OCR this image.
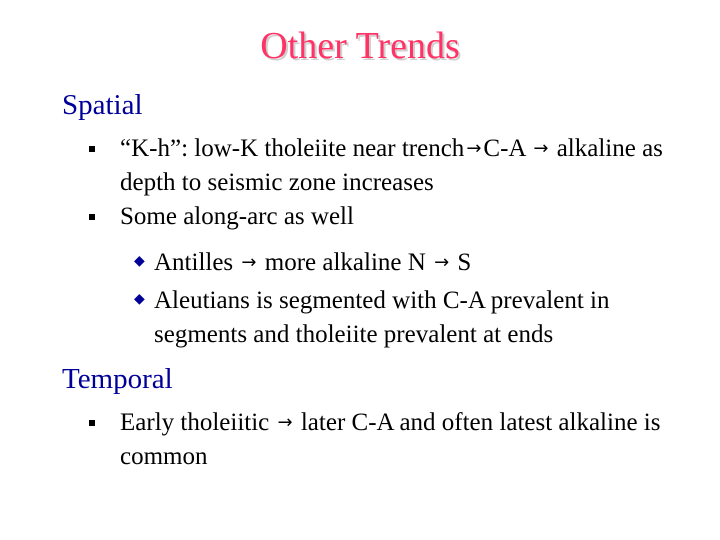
Other Trends
Spatial
“K-h”: low-K tholeiite near trench →C-A → alkaline as depth to seismic zone increases
Some along-arc as well
◆ Antilles → more alkaline N → S
◆ Aleutians is segmented with C-A prevalent in segments and tholeiite prevalent at ends
Temporal
Early tholeiitic → later C-A and often latest alkaline is common
